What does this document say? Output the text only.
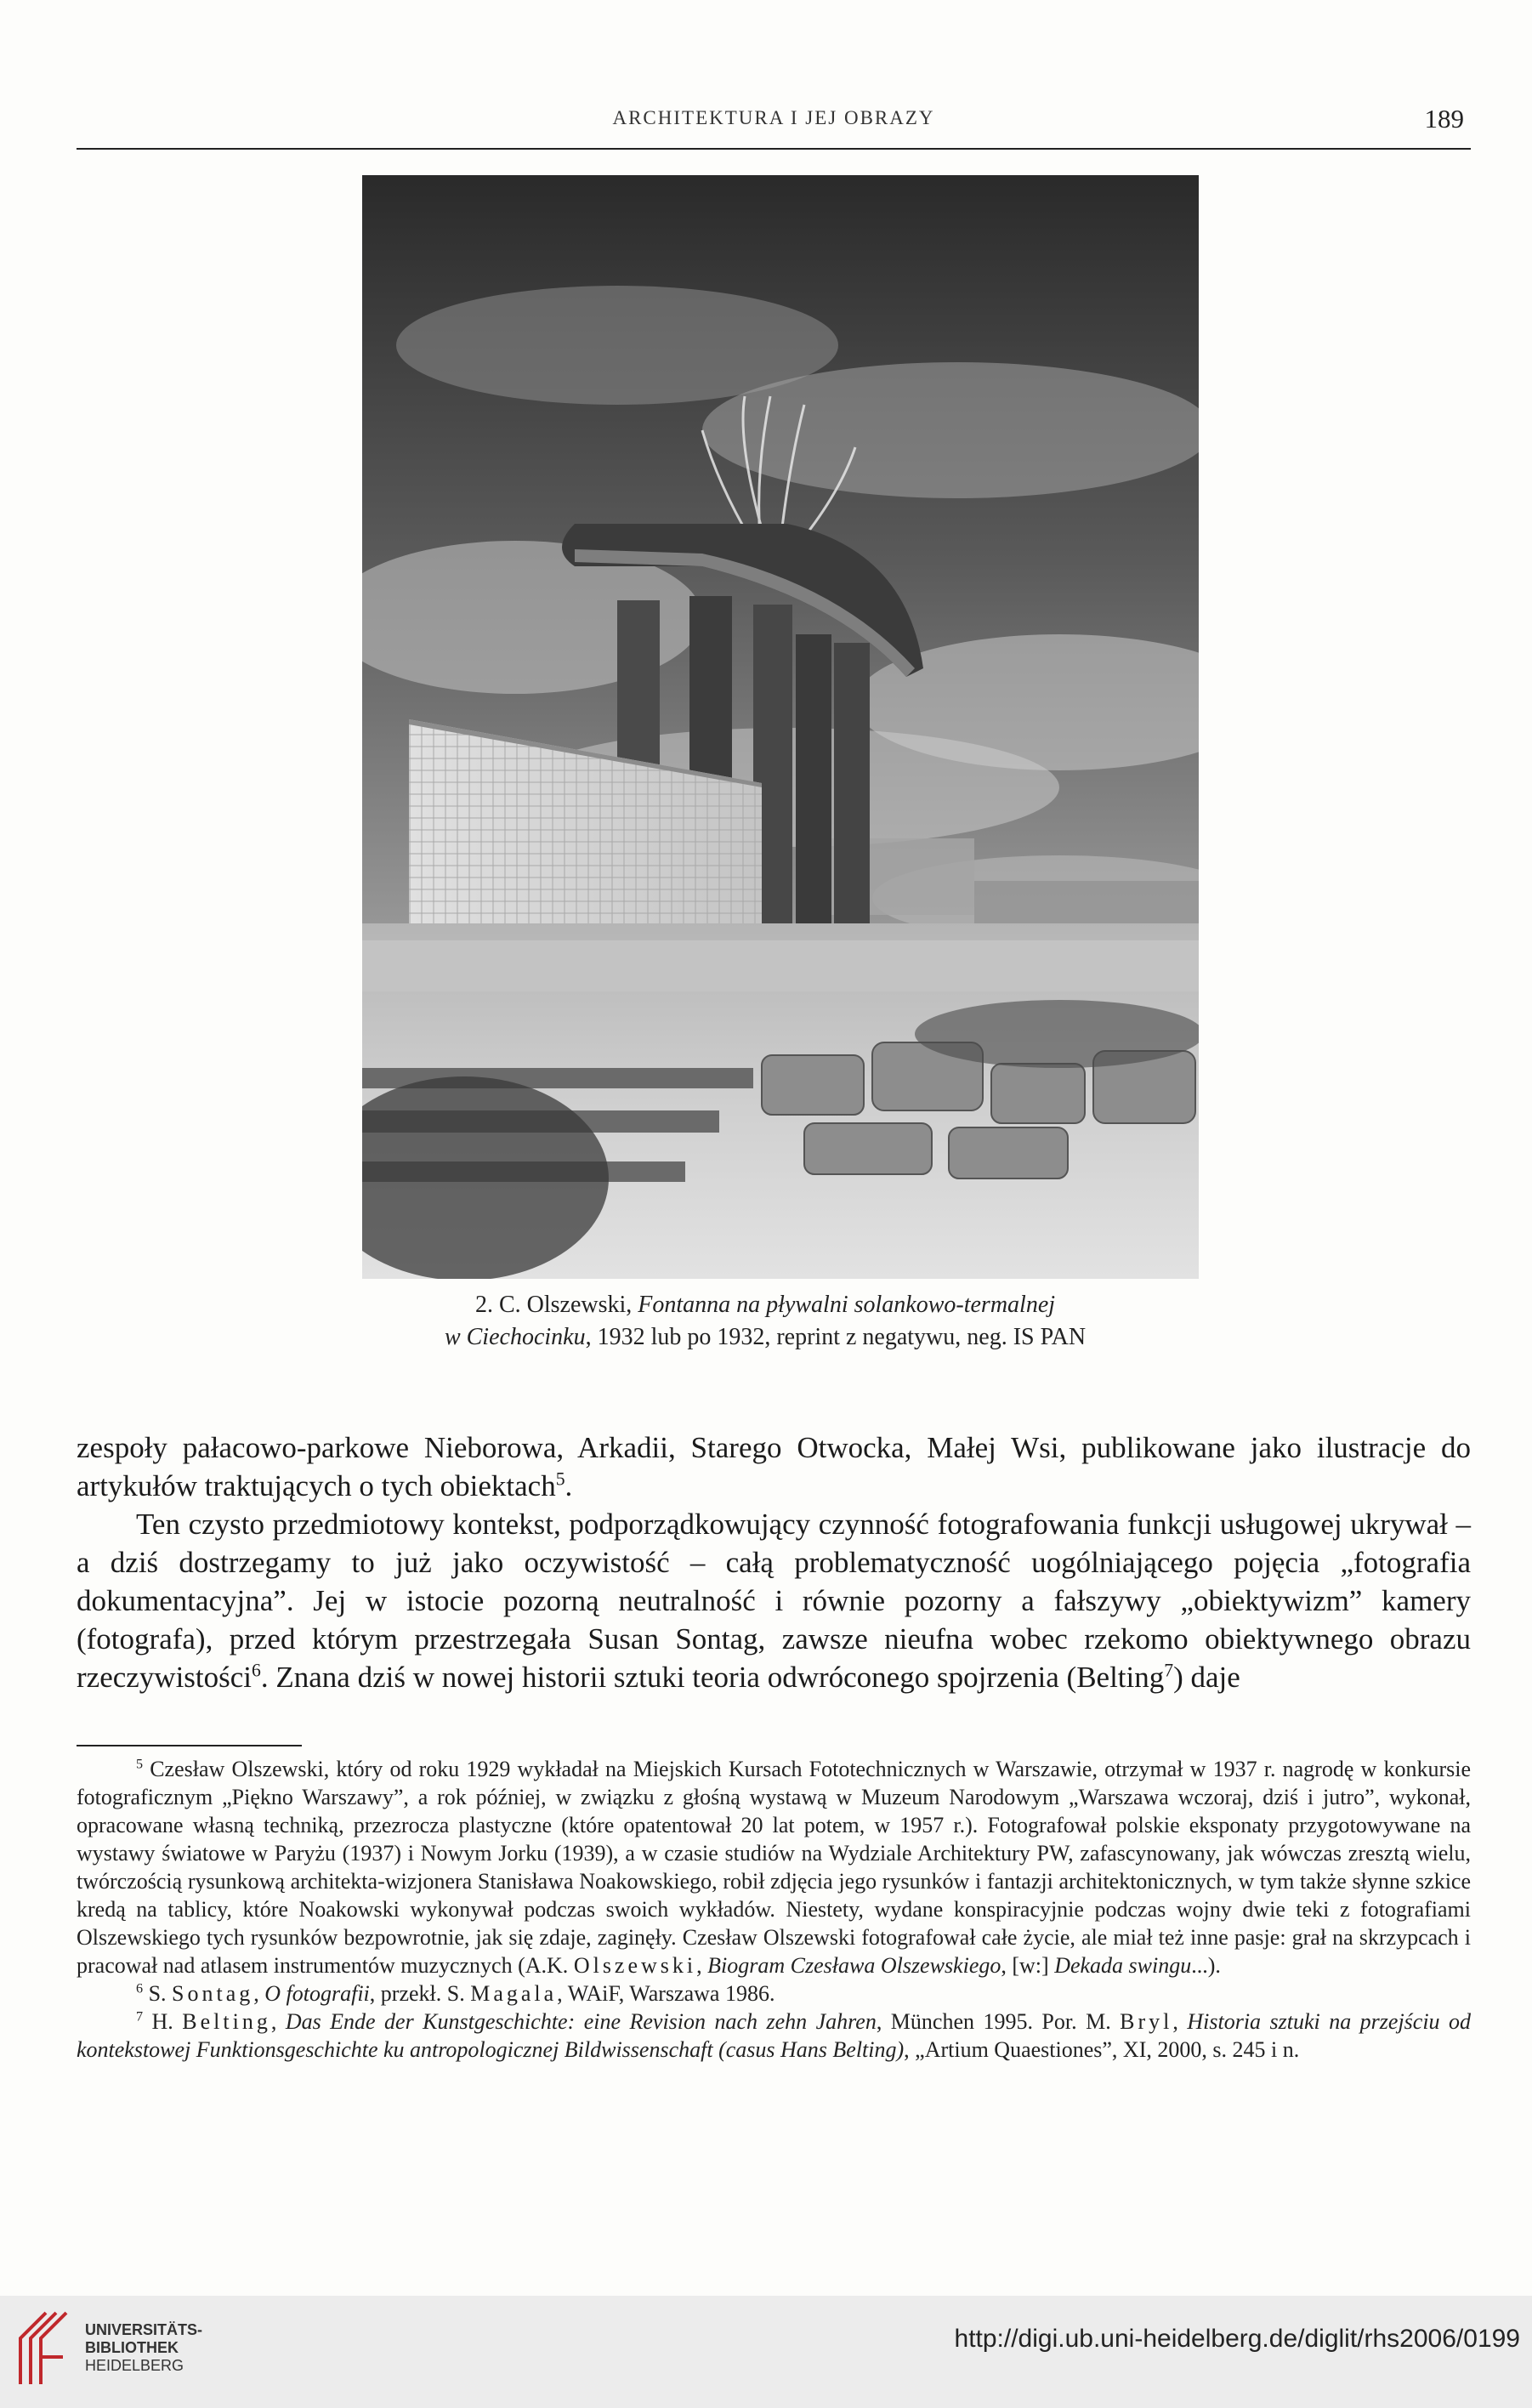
ARCHITEKTURA I JEJ OBRAZY	189
2. C. Olszewski, Fontanna na pływalni solankowo-termalnej
w Ciechocinku, 1932 lub po 1932, reprint z negatywu, neg. IS PAN

zespoły pałacowo-parkowe Nieborowa, Arkadii, Starego Otwocka, Małej Wsi, publikowane jako ilustracje do artykułów traktujących o tych obiektach$^5$.

Ten czysto przedmiotowy kontekst, podporządkowujący czynność fotografowania funkcji usługowej ukrywał – a dziś dostrzegamy to już jako oczywistość – całą problematyczność uogólniającego pojęcia „fotografia dokumentacyjna”. Jej w istocie pozorną neutralność i równie pozorny a fałszywy „obiektywizm” kamery (fotografa), przed którym przestrzegała Susan Sontag, zawsze nieufna wobec rzekomo obiektywnego obrazu rzeczywistości$^6$. Znana dziś w nowej historii sztuki teoria odwróconego spojrzenia (Belting$^7$) daje

$^5$ Czesław Olszewski, który od roku 1929 wykładał na Miejskich Kursach Fototechnicznych w Warszawie, otrzymał w 1937 r. nagrodę w konkursie fotograficznym „Piękno Warszawy”, a rok później, w związku z głośną wystawą w Muzeum Narodowym „Warszawa wczoraj, dziś i jutro”, wykonał, opracowane własną techniką, przezrocza plastyczne (które opatentował 20 lat potem, w 1957 r.). Fotografował polskie eksponaty przygotowywane na wystawy światowe w Paryżu (1937) i Nowym Jorku (1939), a w czasie studiów na Wydziale Architektury PW, zafascynowany, jak wówczas zresztą wielu, twórczością rysunkową architekta-wizjonera Stanisława Noakowskiego, robił zdjęcia jego rysunków i fantazji architektonicznych, w tym także słynne szkice kredą na tablicy, które Noakowski wykonywał podczas swoich wykładów. Niestety, wydane konspiracyjnie podczas wojny dwie teki z fotografiami Olszewskiego tych rysunków bezpowrotnie, jak się zdaje, zaginęły. Czesław Olszewski fotografował całe życie, ale miał też inne pasje: grał na skrzypcach i pracował nad atlasem instrumentów muzycznych (A.K. Olszewski, Biogram Czesława Olszewskiego, [w:] Dekada swingu...).

$^6$ S. Sontag, O fotografii, przekł. S. Magala, WAiF, Warszawa 1986.

$^7$ H. Belting, Das Ende der Kunstgeschichte: eine Revision nach zehn Jahren, München 1995. Por. M. Bryl, Historia sztuki na przejściu od kontekstowej Funktionsgeschichte ku antropologicznej Bildwissenschaft (casus Hans Belting), „Artium Quaestiones”, XI, 2000, s. 245 i n.

UNIVERSITÄTS-
BIBLIOTHEK
HEIDELBERG
http://digi.ub.uni-heidelberg.de/diglit/rhs2006/0199
